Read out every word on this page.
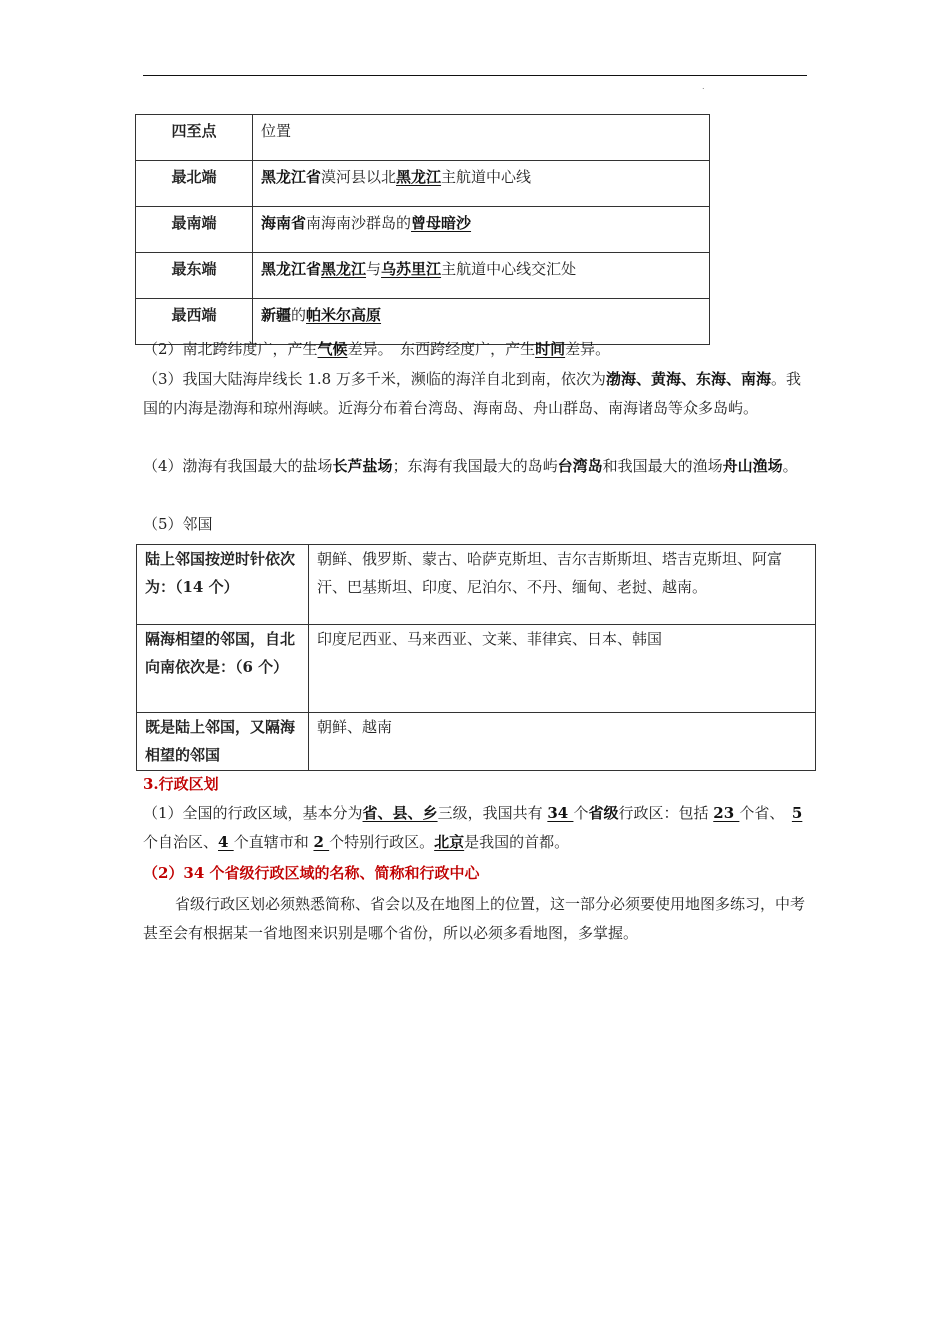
.
四至点	位置
最北端	黑龙江省漠河县以北黑龙江主航道中心线
最南端	海南省南海南沙群岛的曾母暗沙
最东端	黑龙江省黑龙江与乌苏里江主航道中心线交汇处
最西端	新疆的帕米尔高原
（2）南北跨纬度广，产生气候差异。　东西跨经度广，产生时间差异。
（3）我国大陆海岸线长 1.8 万多千米，濒临的海洋自北到南，依次为渤海、黄海、东海、南海。我国的内海是渤海和琼州海峡。近海分布着台湾岛、海南岛、舟山群岛、南海诸岛等众多岛屿。
（4）渤海有我国最大的盐场长芦盐场；东海有我国最大的岛屿台湾岛和我国最大的渔场舟山渔场。
（5）邻国
陆上邻国按逆时针依次为：（14 个）	朝鲜、俄罗斯、蒙古、哈萨克斯坦、吉尔吉斯斯坦、塔吉克斯坦、阿富汗、巴基斯坦、印度、尼泊尔、不丹、缅甸、老挝、越南。
隔海相望的邻国，自北向南依次是：（6 个）	印度尼西亚、马来西亚、文莱、菲律宾、日本、韩国
既是陆上邻国，又隔海相望的邻国	朝鲜、越南
3.行政区划
（1）全国的行政区域，基本分为省、县、乡三级，我国共有 34 个省级行政区：包括 23 个省、　5 个自治区、4 个直辖市和 2 个特别行政区。北京是我国的首都。
（2）34 个省级行政区域的名称、简称和行政中心
省级行政区划必须熟悉简称、省会以及在地图上的位置，这一部分必须要使用地图多练习，中考甚至会有根据某一省地图来识别是哪个省份，所以必须多看地图，多掌握。
